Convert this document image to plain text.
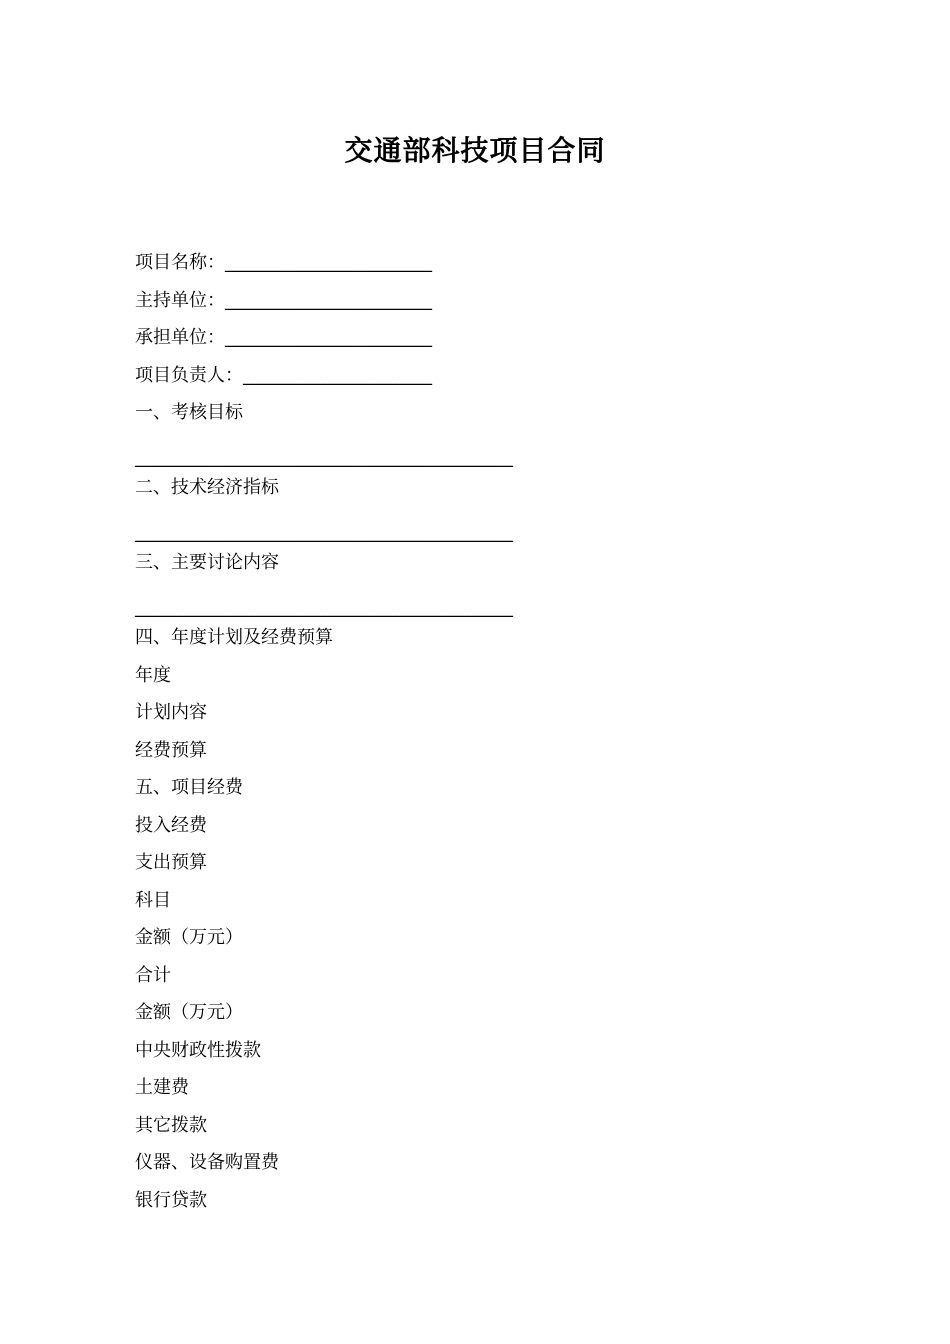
交通部科技项目合同
项目名称：_______________________
主持单位：_______________________
承担单位：_______________________
项目负责人：_____________________
一、考核目标
__________________________________________
二、技术经济指标
__________________________________________
三、主要讨论内容
__________________________________________
四、年度计划及经费预算
年度
计划内容
经费预算
五、项目经费
投入经费
支出预算
科目
金额（万元）
合计
金额（万元）
中央财政性拨款
土建费
其它拨款
仪器、设备购置费
银行贷款
